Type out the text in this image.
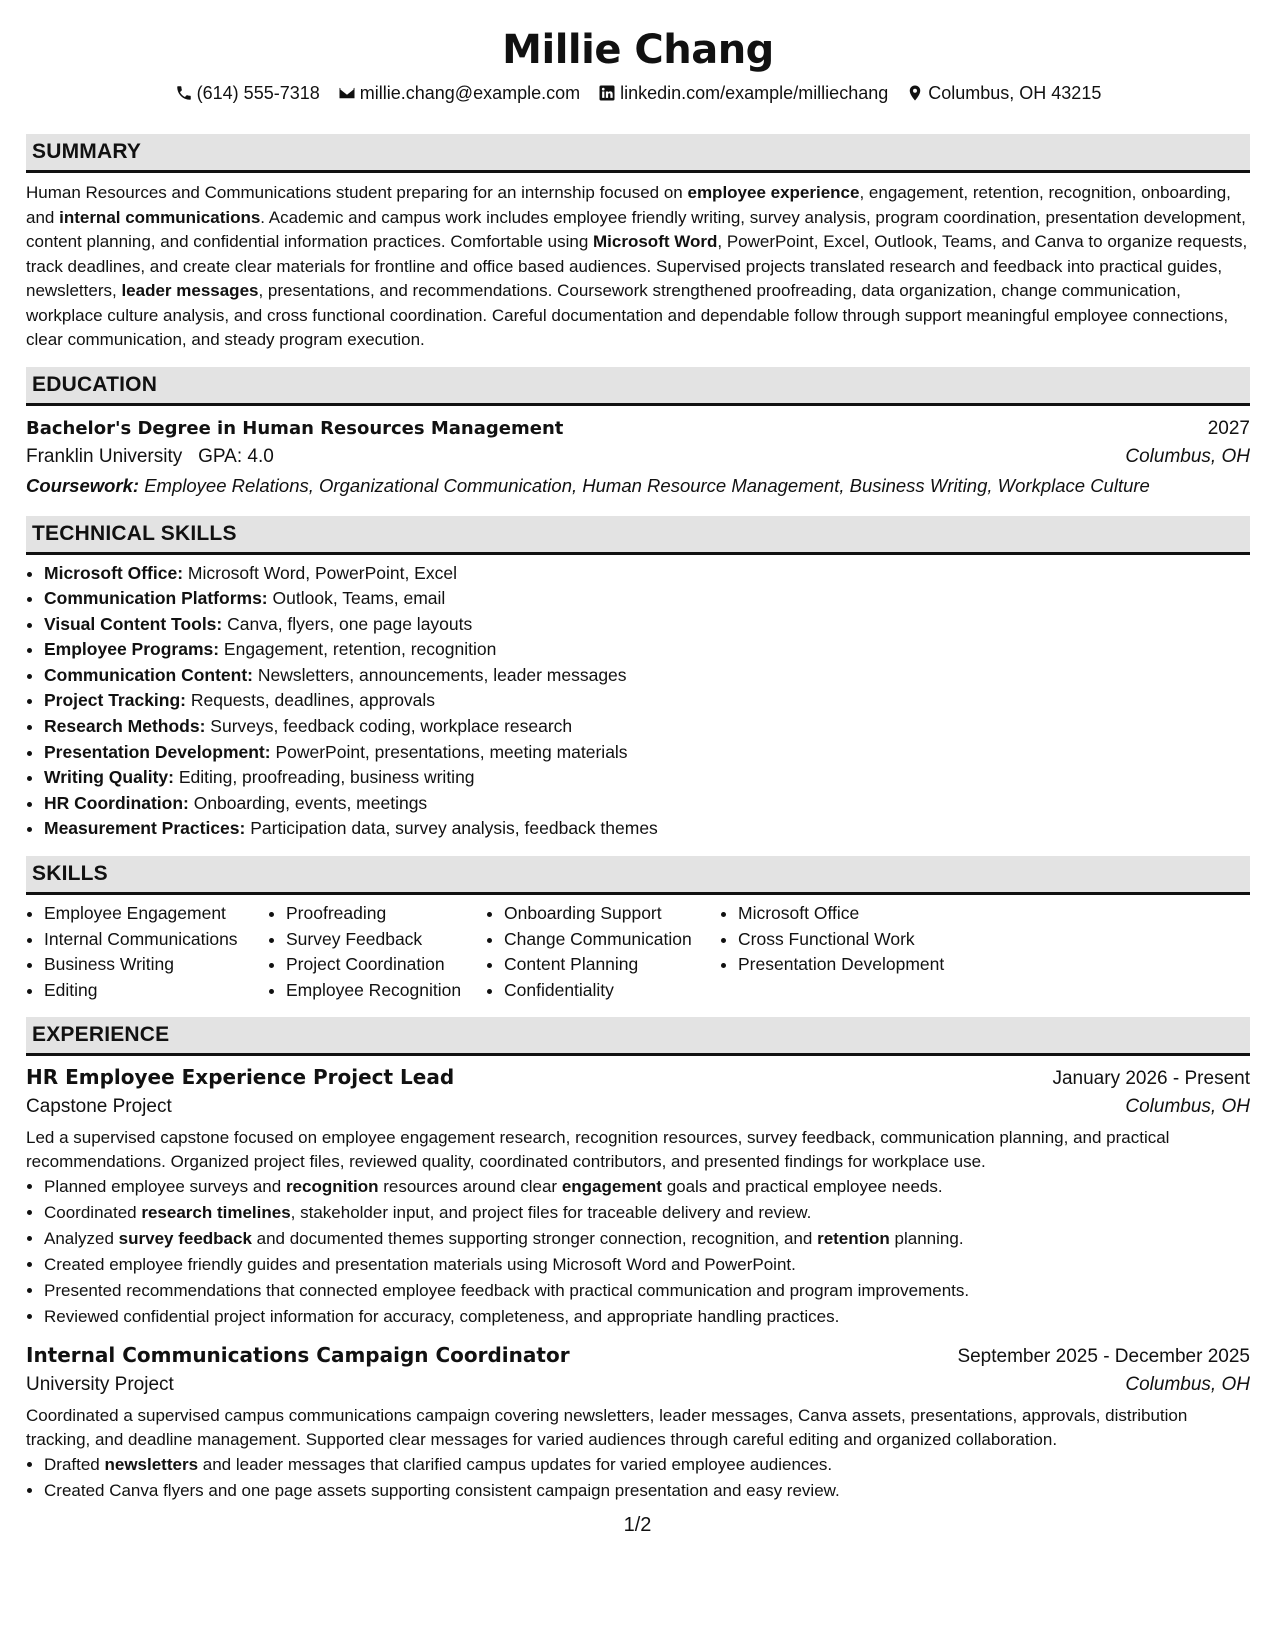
Millie Chang
(614) 555-7318 millie.chang@example.com linkedin.com/example/milliechang Columbus, OH 43215
SUMMARY
Human Resources and Communications student preparing for an internship focused on employee experience, engagement, retention, recognition, onboarding, and internal communications. Academic and campus work includes employee friendly writing, survey analysis, program coordination, presentation development, content planning, and confidential information practices. Comfortable using Microsoft Word, PowerPoint, Excel, Outlook, Teams, and Canva to organize requests, track deadlines, and create clear materials for frontline and office based audiences. Supervised projects translated research and feedback into practical guides, newsletters, leader messages, presentations, and recommendations. Coursework strengthened proofreading, data organization, change communication, workplace culture analysis, and cross functional coordination. Careful documentation and dependable follow through support meaningful employee connections, clear communication, and steady program execution.
EDUCATION
Bachelor's Degree in Human Resources Management	2027
Franklin University GPA: 4.0	Columbus, OH
Coursework: Employee Relations, Organizational Communication, Human Resource Management, Business Writing, Workplace Culture
TECHNICAL SKILLS
• Microsoft Office: Microsoft Word, PowerPoint, Excel
• Communication Platforms: Outlook, Teams, email
• Visual Content Tools: Canva, flyers, one page layouts
• Employee Programs: Engagement, retention, recognition
• Communication Content: Newsletters, announcements, leader messages
• Project Tracking: Requests, deadlines, approvals
• Research Methods: Surveys, feedback coding, workplace research
• Presentation Development: PowerPoint, presentations, meeting materials
• Writing Quality: Editing, proofreading, business writing
• HR Coordination: Onboarding, events, meetings
• Measurement Practices: Participation data, survey analysis, feedback themes
SKILLS
• Employee Engagement
• Internal Communications
• Business Writing
• Editing
• Proofreading
• Survey Feedback
• Project Coordination
• Employee Recognition
• Onboarding Support
• Change Communication
• Content Planning
• Confidentiality
• Microsoft Office
• Cross Functional Work
• Presentation Development
EXPERIENCE
HR Employee Experience Project Lead	January 2026 - Present
Capstone Project	Columbus, OH
Led a supervised capstone focused on employee engagement research, recognition resources, survey feedback, communication planning, and practical recommendations. Organized project files, reviewed quality, coordinated contributors, and presented findings for workplace use.
• Planned employee surveys and recognition resources around clear engagement goals and practical employee needs.
• Coordinated research timelines, stakeholder input, and project files for traceable delivery and review.
• Analyzed survey feedback and documented themes supporting stronger connection, recognition, and retention planning.
• Created employee friendly guides and presentation materials using Microsoft Word and PowerPoint.
• Presented recommendations that connected employee feedback with practical communication and program improvements.
• Reviewed confidential project information for accuracy, completeness, and appropriate handling practices.
Internal Communications Campaign Coordinator	September 2025 - December 2025
University Project	Columbus, OH
Coordinated a supervised campus communications campaign covering newsletters, leader messages, Canva assets, presentations, approvals, distribution tracking, and deadline management. Supported clear messages for varied audiences through careful editing and organized collaboration.
• Drafted newsletters and leader messages that clarified campus updates for varied employee audiences.
• Created Canva flyers and one page assets supporting consistent campaign presentation and easy review.
1/2
